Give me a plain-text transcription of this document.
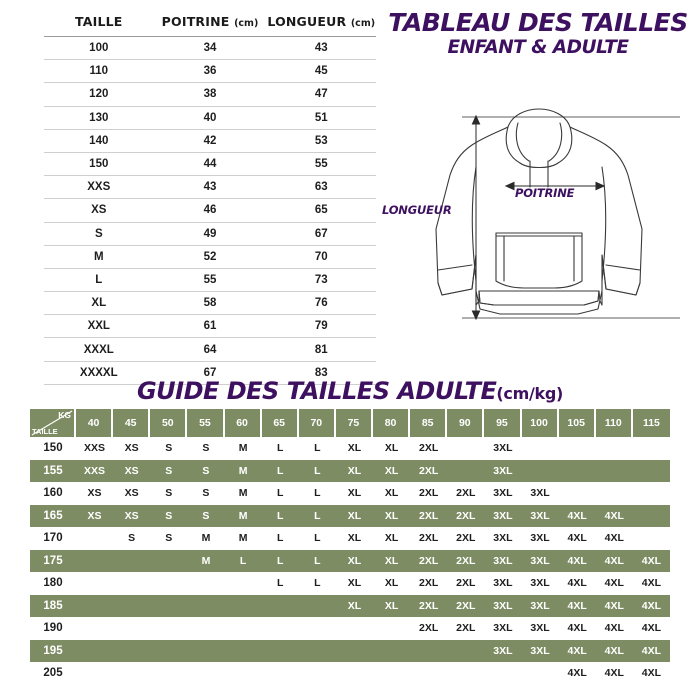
TAILLE	POITRINE (cm)	LONGUEUR (cm)
100	34	43
110	36	45
120	38	47
130	40	51
140	42	53
150	44	55
XXS	43	63
XS	46	65
S	49	67
M	52	70
L	55	73
XL	58	76
XXL	61	79
XXXL	64	81
XXXXL	67	83
TABLEAU DES TAILLES
ENFANT & ADULTE
LONGUEUR
POITRINE
GUIDE DES TAILLES ADULTE(cm/kg)
KG
TAILLE	40	45	50	55	60	65	70	75	80	85	90	95	100	105	110	115
150	XXS	XS	S	S	M	L	L	XL	XL	2XL		3XL				
155	XXS	XS	S	S	M	L	L	XL	XL	2XL		3XL				
160	XS	XS	S	S	M	L	L	XL	XL	2XL	2XL	3XL	3XL			
165	XS	XS	S	S	M	L	L	XL	XL	2XL	2XL	3XL	3XL	4XL	4XL	
170		S	S	M	M	L	L	XL	XL	2XL	2XL	3XL	3XL	4XL	4XL	
175				M	L	L	L	XL	XL	2XL	2XL	3XL	3XL	4XL	4XL	4XL
180						L	L	XL	XL	2XL	2XL	3XL	3XL	4XL	4XL	4XL
185								XL	XL	2XL	2XL	3XL	3XL	4XL	4XL	4XL
190										2XL	2XL	3XL	3XL	4XL	4XL	4XL
195												3XL	3XL	4XL	4XL	4XL
205														4XL	4XL	4XL
